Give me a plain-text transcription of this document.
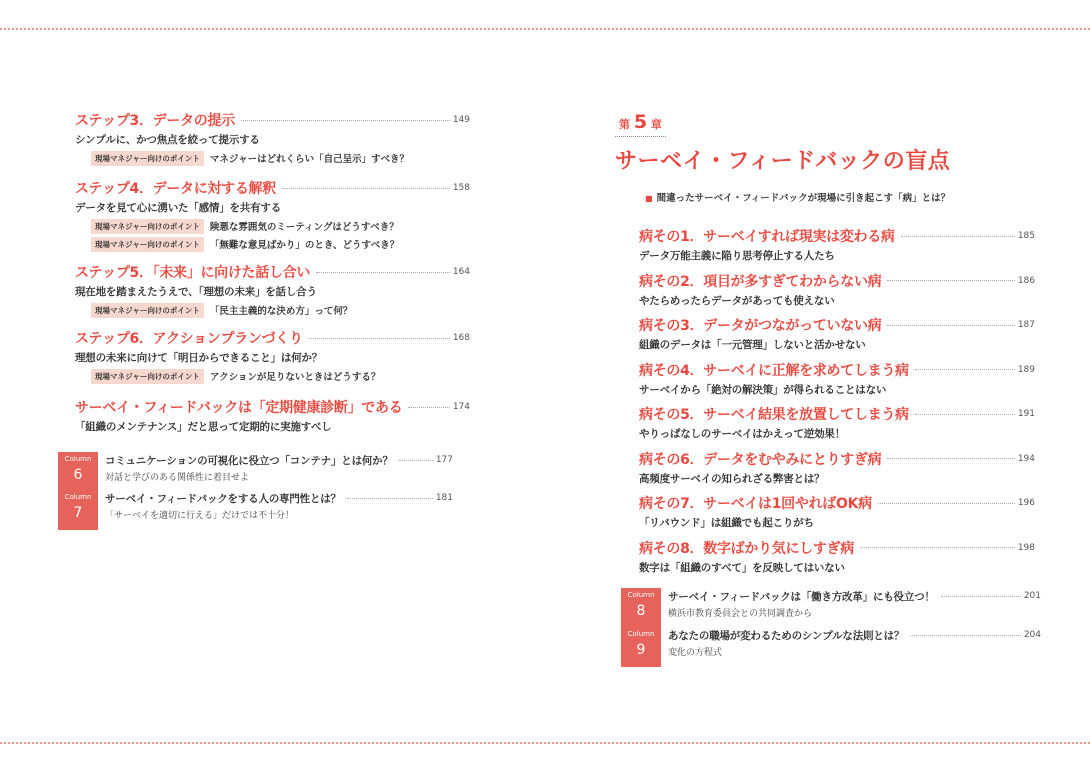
ステップ3．データの提示	149
シンプルに、かつ焦点を絞って提示する
現場マネジャー向けのポイント	マネジャーはどれくらい「自己呈示」すべき？
ステップ4．データに対する解釈	158
データを見て心に湧いた「感情」を共有する
現場マネジャー向けのポイント	険悪な雰囲気のミーティングはどうすべき？
現場マネジャー向けのポイント	「無難な意見ばかり」のとき、どうすべき？
ステップ5．「未来」に向けた話し合い	164
現在地を踏まえたうえで、「理想の未来」を話し合う
現場マネジャー向けのポイント	「民主主義的な決め方」って何？
ステップ6．アクションプランづくり	168
理想の未来に向けて「明日からできること」は何か？
現場マネジャー向けのポイント	アクションが足りないときはどうする？
サーベイ・フィードバックは「定期健康診断」である	174
「組織のメンテナンス」だと思って定期的に実施すべし
Column
6
コミュニケーションの可視化に役立つ「コンテナ」とは何か？	177
対話と学びのある関係性に着目せよ
Column
7
サーベイ・フィードバックをする人の専門性とは？	181
「サーベイを適切に行える」だけでは不十分！
第 5 章
サーベイ・フィードバックの盲点
■ 間違ったサーベイ・フィードバックが現場に引き起こす「病」とは？
病その1．サーベイすれば現実は変わる病	185
データ万能主義に陥り思考停止する人たち
病その2．項目が多すぎてわからない病	186
やたらめったらデータがあっても使えない
病その3．データがつながっていない病	187
組織のデータは「一元管理」しないと活かせない
病その4．サーベイに正解を求めてしまう病	189
サーベイから「絶対の解決策」が得られることはない
病その5．サーベイ結果を放置してしまう病	191
やりっぱなしのサーベイはかえって逆効果！
病その6．データをむやみにとりすぎ病	194
高頻度サーベイの知られざる弊害とは？
病その7．サーベイは1回やればOK病	196
「リバウンド」は組織でも起こりがち
病その8．数字ばかり気にしすぎ病	198
数字は「組織のすべて」を反映してはいない
Column
8
サーベイ・フィードバックは「働き方改革」にも役立つ！	201
横浜市教育委員会との共同調査から
Column
9
あなたの職場が変わるためのシンプルな法則とは？	204
変化の方程式
